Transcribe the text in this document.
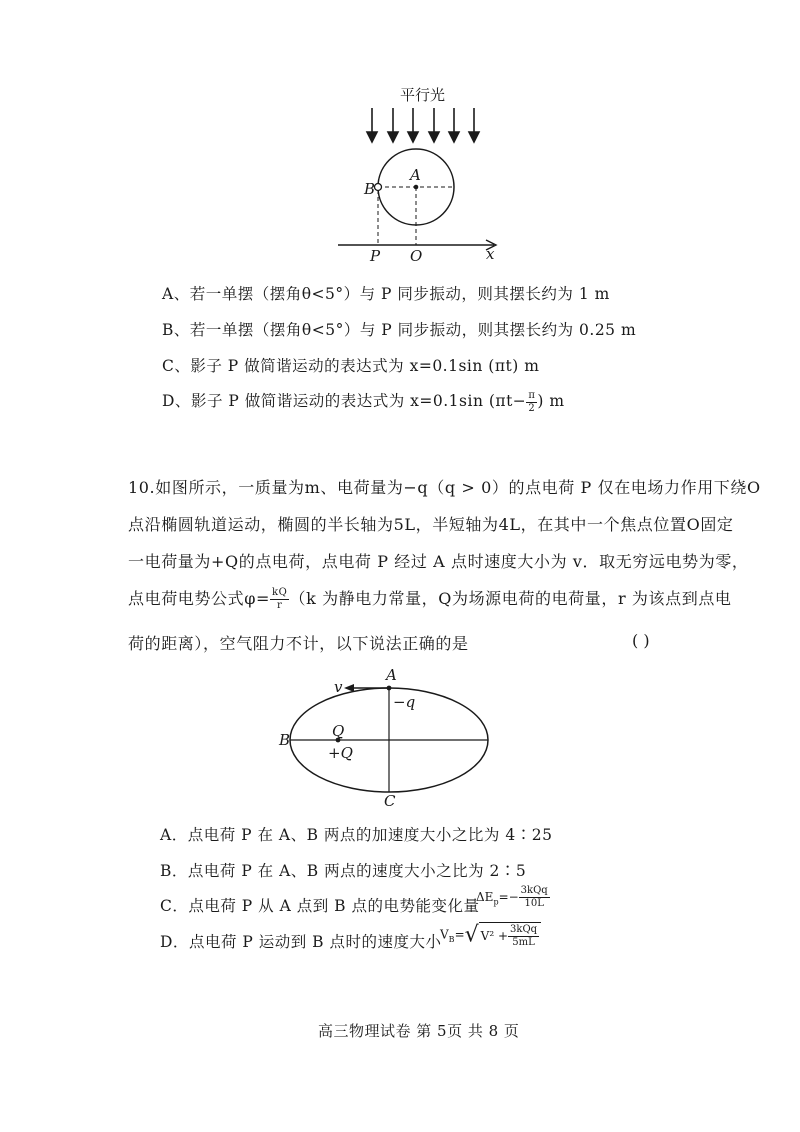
平行光
B
A
P O	x
A、若一单摆（摆角θ<5°）与 P 同步振动，则其摆长约为 1 m
B、若一单摆（摆角θ<5°）与 P 同步振动，则其摆长约为 0.25 m
C、影子 P 做简谐运动的表达式为 x=0.1sin (πt) m
D、影子 P 做简谐运动的表达式为 x=0.1sin ($\pi t- \frac{\pi}{2}$ ) m
10.如图所示，一质量为m、电荷量为−q（q > 0）的点电荷 P 仅在电场力作用下绕O
点沿椭圆轨道运动，椭圆的半长轴为5L，半短轴为4L，在其中一个焦点位置O固定
一电荷量为+Q的点电荷，点电荷 P 经过 A 点时速度大小为 v．取无穷远电势为零，
点电荷电势公式$\varphi= \frac{kQ}{r} (k$ 为静电力常量，Q为场源电荷的电荷量，r 为该点到点电
荷的距离），空气阻力不计，以下说法正确的是	( )
v
A
−q
B	Q
+Q
C
A．点电荷 P 在 A、B 两点的加速度大小之比为 4∶25
B．点电荷 P 在 A、B 两点的速度大小之比为 2∶5
C．点电荷 P 从 A 点到 B 点的电势能变化量
$\Delta E_p=- \frac{\text{3kQq}}{10L}$
D．点电荷 P 运动到 B 点时的速度大小
$V_B=√$ $V^2 + \frac{\text{3kQq}}{5mL}$
高三物理试卷 第 5页 共 8 页
